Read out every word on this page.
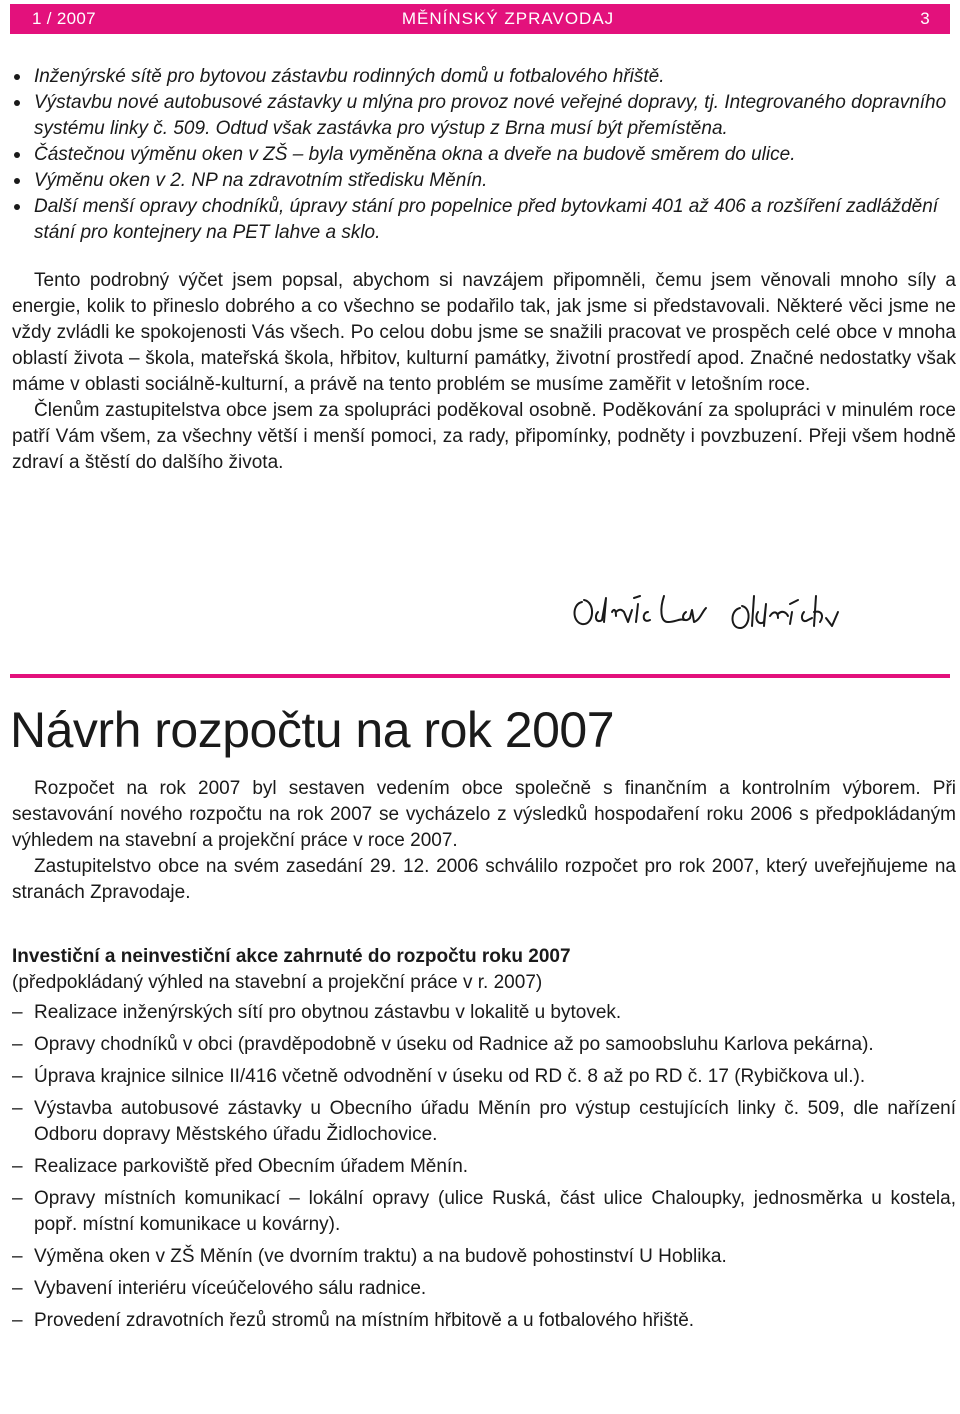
1 / 2007	MĚNÍNSKÝ ZPRAVODAJ	3
Inženýrské sítě pro bytovou zástavbu rodinných domů u fotbalového hřiště.
Výstavbu nové autobusové zástavky u mlýna pro provoz nové veřejné dopravy, tj. Integrovaného dopravního systému linky č. 509. Odtud však zastávka pro výstup z Brna musí být přemístěna.
Částečnou výměnu oken v ZŠ – byla vyměněna okna a dveře na budově směrem do ulice.
Výměnu oken v 2. NP na zdravotním středisku Měnín.
Další menší opravy chodníků, úpravy stání pro popelnice před bytovkami 401 až 406 a rozšíření zadláždění stání pro kontejnery na PET lahve a sklo.

Tento podrobný výčet jsem popsal, abychom si navzájem připomněli, čemu jsem věnovali mnoho síly a energie, kolik to přineslo dobrého a co všechno se podařilo tak, jak jsme si představovali. Některé věci jsme ne vždy zvládli ke spokojenosti Vás všech. Po celou dobu jsme se snažili pracovat ve prospěch celé obce v mnoha oblastí života – škola, mateřská škola, hřbitov, kulturní památky, životní prostředí apod. Značné nedostatky však máme v oblasti sociálně-kulturní, a právě na tento problém se musíme zaměřit v letošním roce.

Členům zastupitelstva obce jsem za spolupráci poděkoval osobně. Poděkování za spolupráci v minulém roce patří Vám všem, za všechny větší i menší pomoci, za rady, připomínky, podněty i povzbuzení. Přeji všem hodně zdraví a štěstí do dalšího života.

Návrh rozpočtu na rok 2007

Rozpočet na rok 2007 byl sestaven vedením obce společně s finančním a kontrolním výborem. Při sestavování nového rozpočtu na rok 2007 se vycházelo z výsledků hospodaření roku 2006 s předpokládaným výhledem na stavební a projekční práce v roce 2007.

Zastupitelstvo obce na svém zasedání 29. 12. 2006 schválilo rozpočet pro rok 2007, který uveřejňujeme na stranách Zpravodaje.

Investiční a neinvestiční akce zahrnuté do rozpočtu roku 2007

(předpokládaný výhled na stavební a projekční práce v r. 2007)

– Realizace inženýrských sítí pro obytnou zástavbu v lokalitě u bytovek.
– Opravy chodníků v obci (pravděpodobně v úseku od Radnice až po samoobsluhu Karlova pekárna).
– Úprava krajnice silnice II/416 včetně odvodnění v úseku od RD č. 8 až po RD č. 17 (Rybičkova ul.).
– Výstavba autobusové zástavky u Obecního úřadu Měnín pro výstup cestujících linky č. 509, dle nařízení Odboru dopravy Městského úřadu Židlochovice.
– Realizace parkoviště před Obecním úřadem Měnín.
– Opravy místních komunikací – lokální opravy (ulice Ruská, část ulice Chaloupky, jednosměrka u kostela, popř. místní komunikace u kovárny).
– Výměna oken v ZŠ Měnín (ve dvorním traktu) a na budově pohostinství U Hoblika.
– Vybavení interiéru víceúčelového sálu radnice.
– Provedení zdravotních řezů stromů na místním hřbitově a u fotbalového hřiště.
